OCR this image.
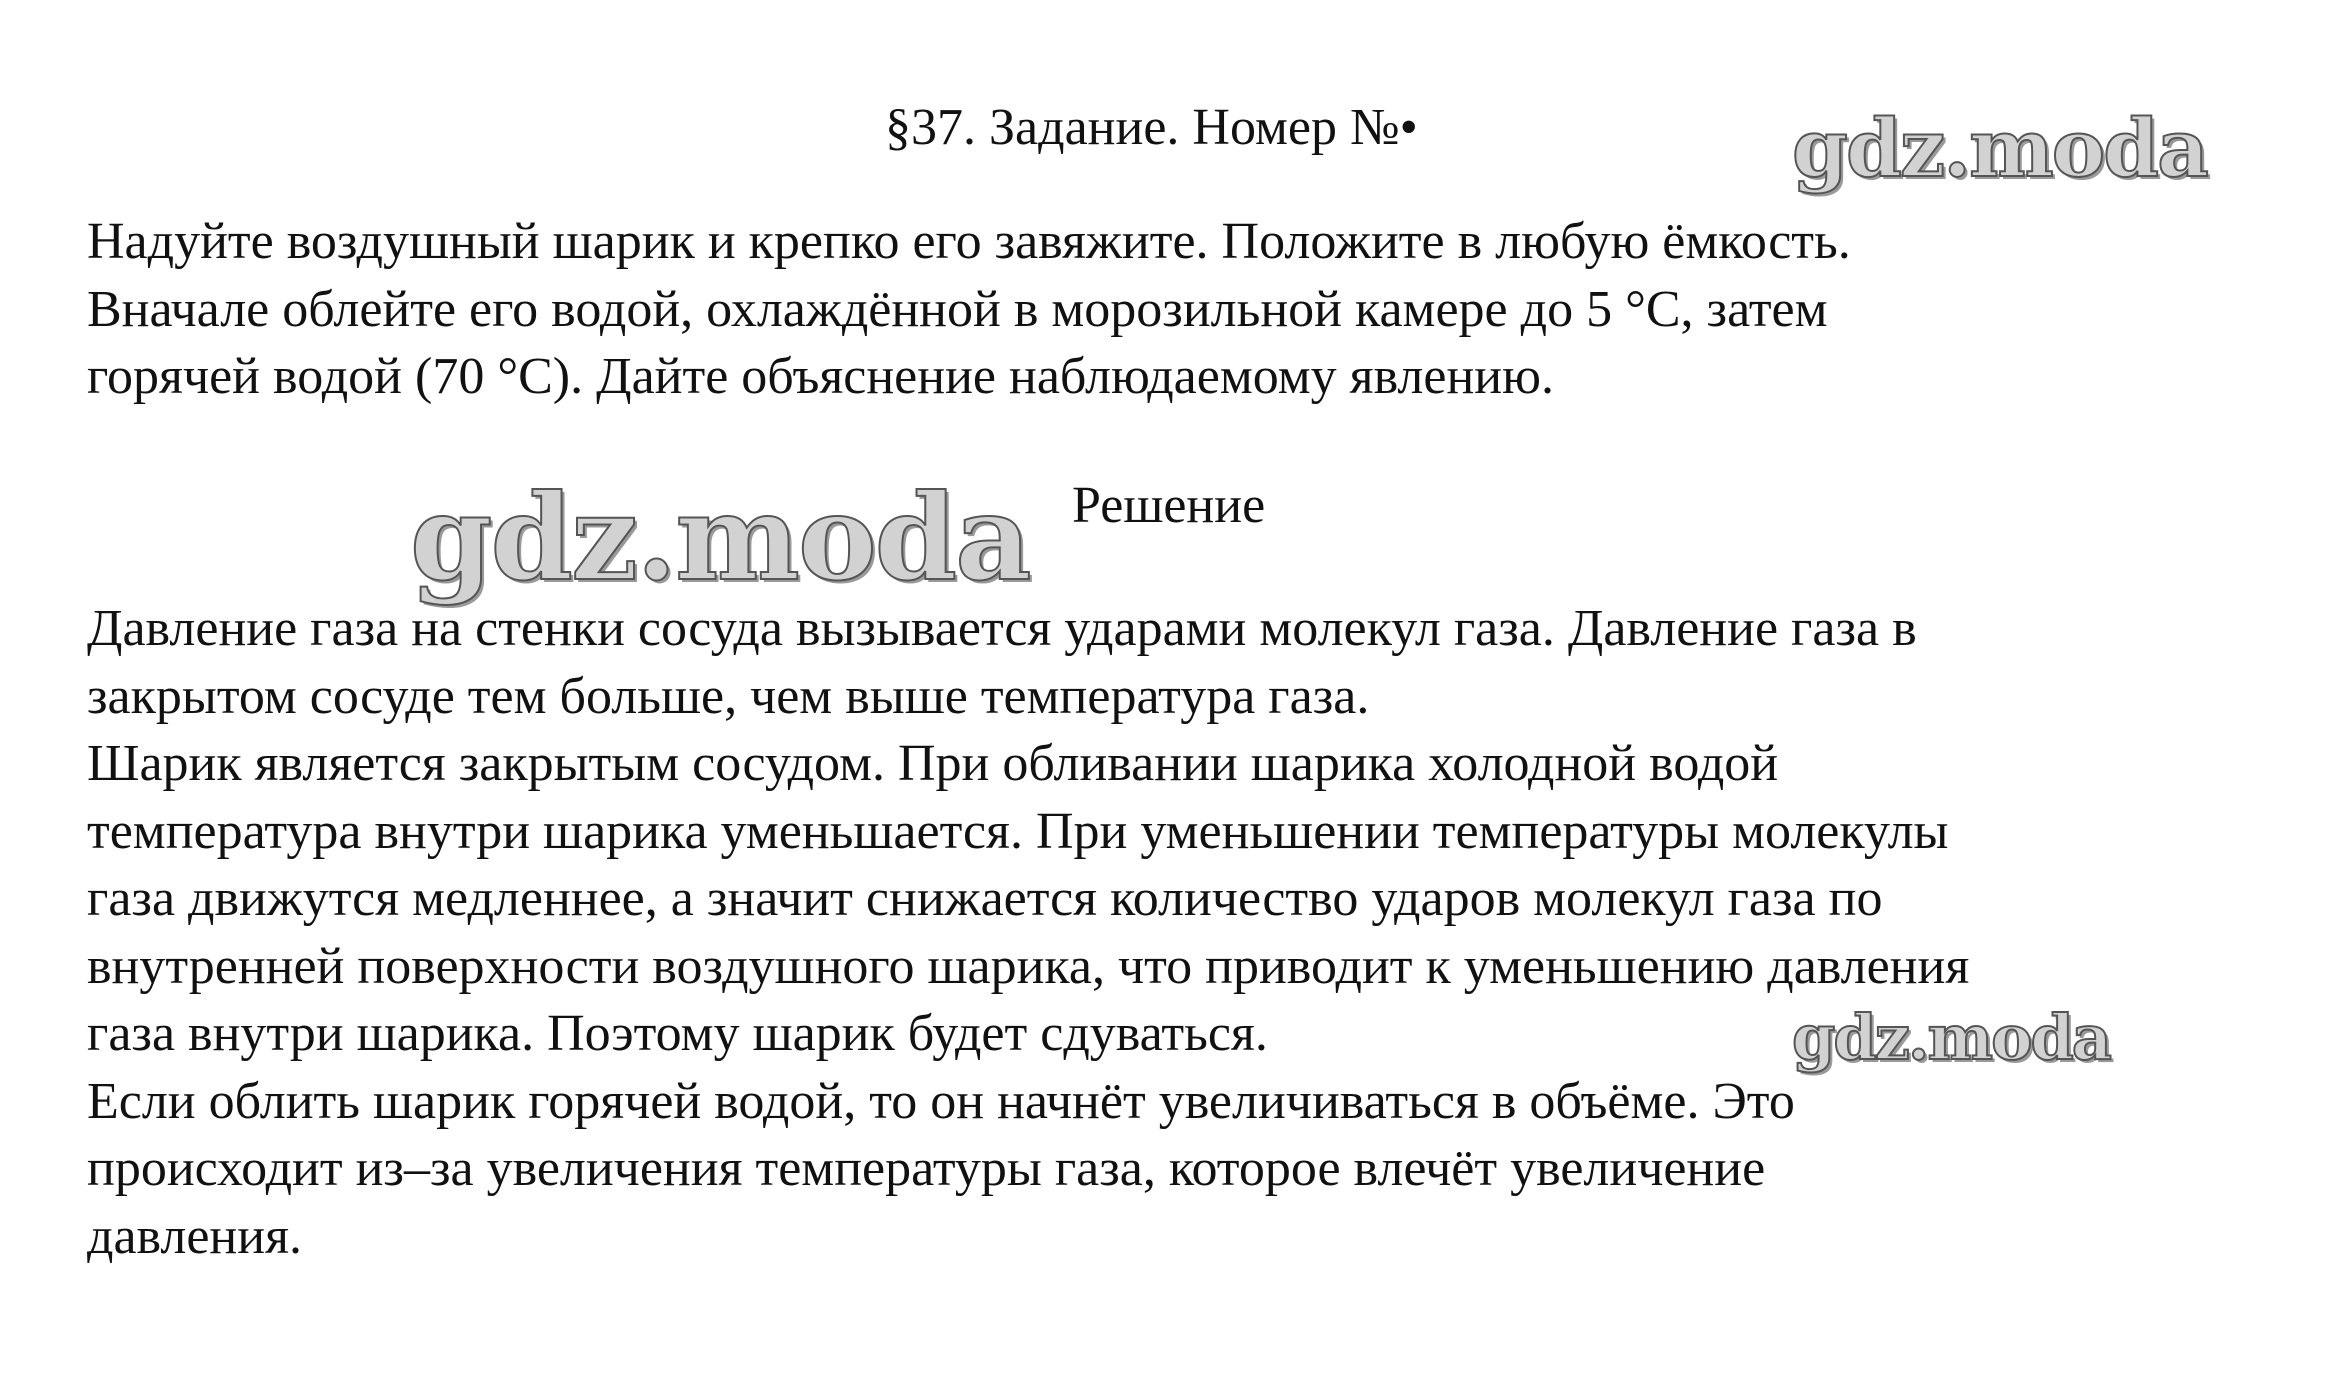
§37. Задание. Номер №•	gdz.moda
Надуйте воздушный шарик и крепко его завяжите. Положите в любую ёмкость.
Вначале облейте его водой, охлаждённой в морозильной камере до 5 °С, затем
горячей водой (70 °С). Дайте объяснение наблюдаемому явлению.
gdz.moda Решение
Давление газа на стенки сосуда вызывается ударами молекул газа. Давление газа в
закрытом сосуде тем больше, чем выше температура газа.
Шарик является закрытым сосудом. При обливании шарика холодной водой
температура внутри шарика уменьшается. При уменьшении температуры молекулы
газа движутся медленнее, а значит снижается количество ударов молекул газа по
внутренней поверхности воздушного шарика, что приводит к уменьшению давления
газа внутри шарика. Поэтому шарик будет сдуваться.
Если облить шарик горячей водой, то он начнёт увеличиваться в объёме. Это
происходит из–за увеличения температуры газа, которое влечёт увеличение
давления.
gdz.moda
